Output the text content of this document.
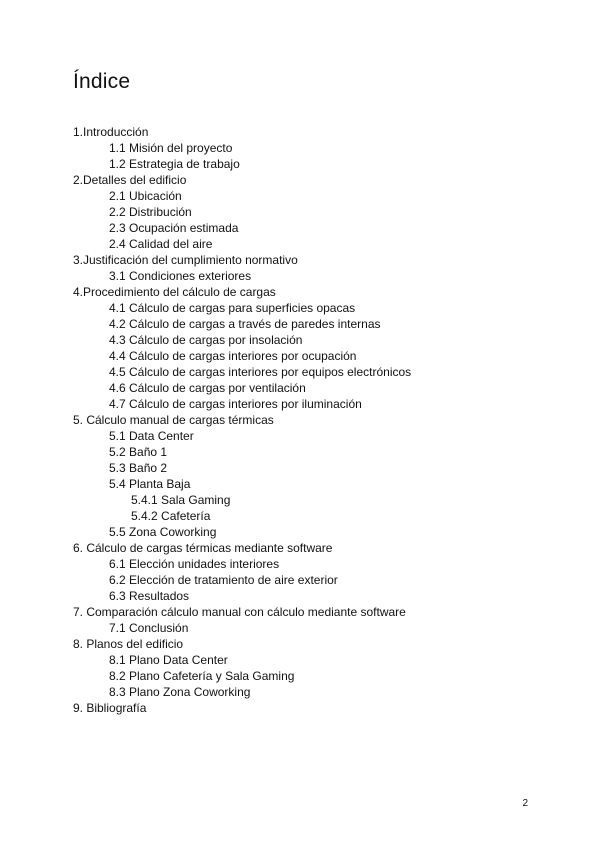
Índice
1.Introducción
1.1 Misión del proyecto
1.2 Estrategia de trabajo
2.Detalles del edificio
2.1 Ubicación
2.2 Distribución
2.3 Ocupación estimada
2.4 Calidad del aire
3.Justificación del cumplimiento normativo
3.1 Condiciones exteriores
4.Procedimiento del cálculo de cargas
4.1 Cálculo de cargas para superficies opacas
4.2 Cálculo de cargas a través de paredes internas
4.3 Cálculo de cargas por insolación
4.4 Cálculo de cargas interiores por ocupación
4.5 Cálculo de cargas interiores por equipos electrónicos
4.6 Cálculo de cargas por ventilación
4.7 Cálculo de cargas interiores por iluminación
5. Cálculo manual de cargas térmicas
5.1 Data Center
5.2 Baño 1
5.3 Baño 2
5.4 Planta Baja
5.4.1 Sala Gaming
5.4.2 Cafetería
5.5 Zona Coworking
6. Cálculo de cargas térmicas mediante software
6.1 Elección unidades interiores
6.2 Elección de tratamiento de aire exterior
6.3 Resultados
7. Comparación cálculo manual con cálculo mediante software
7.1 Conclusión
8. Planos del edificio
8.1 Plano Data Center
8.2 Plano Cafetería y Sala Gaming
8.3 Plano Zona Coworking
9. Bibliografía
2
